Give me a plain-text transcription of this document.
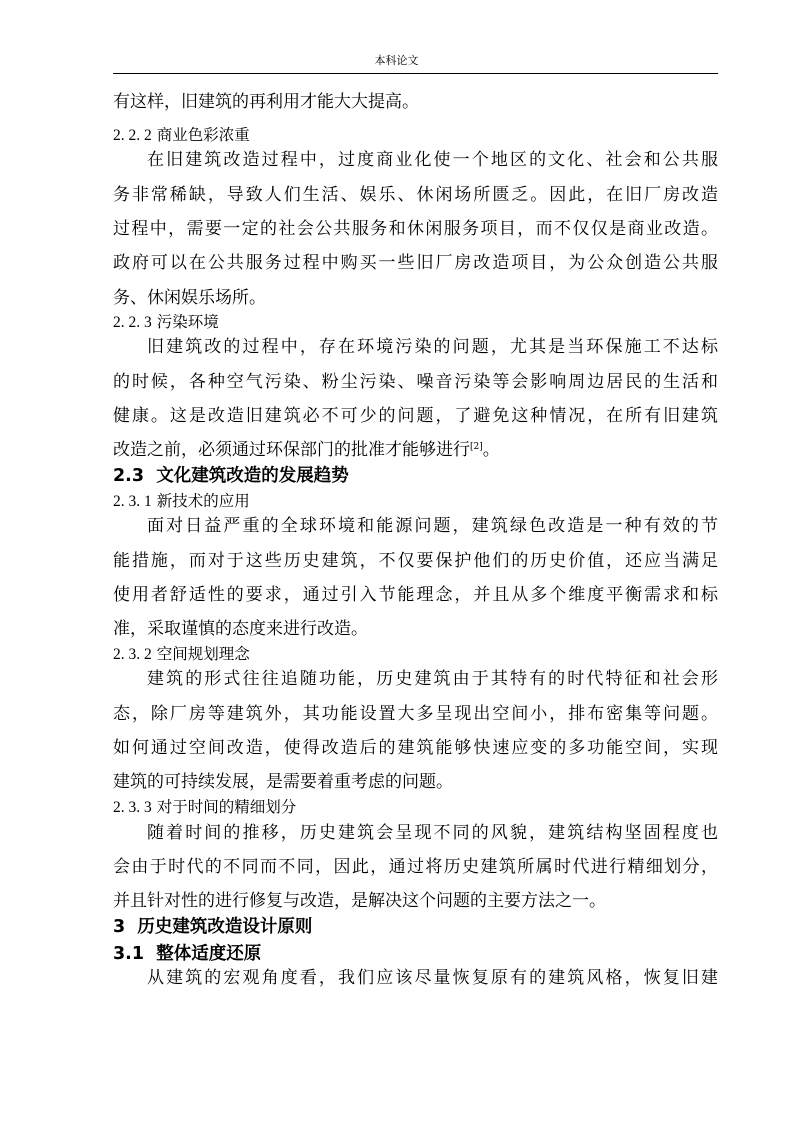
本科论文
有这样，旧建筑的再利用才能大大提高。
2. 2. 2 商业色彩浓重
在旧建筑改造过程中，过度商业化使一个地区的文化、社会和公共服
务非常稀缺，导致人们生活、娱乐、休闲场所匮乏。因此，在旧厂房改造
过程中，需要一定的社会公共服务和休闲服务项目，而不仅仅是商业改造。
政府可以在公共服务过程中购买一些旧厂房改造项目，为公众创造公共服
务、休闲娱乐场所。
2. 2. 3 污染环境
旧建筑改的过程中，存在环境污染的问题，尤其是当环保施工不达标
的时候，各种空气污染、粉尘污染、噪音污染等会影响周边居民的生活和
健康。这是改造旧建筑必不可少的问题，了避免这种情况，在所有旧建筑
改造之前，必须通过环保部门的批准才能够进行[2]。
2.3 文化建筑改造的发展趋势
2. 3. 1 新技术的应用
面对日益严重的全球环境和能源问题，建筑绿色改造是一种有效的节
能措施，而对于这些历史建筑，不仅要保护他们的历史价值，还应当满足
使用者舒适性的要求，通过引入节能理念，并且从多个维度平衡需求和标
准，采取谨慎的态度来进行改造。
2. 3. 2 空间规划理念
建筑的形式往往追随功能，历史建筑由于其特有的时代特征和社会形
态，除厂房等建筑外，其功能设置大多呈现出空间小，排布密集等问题。
如何通过空间改造，使得改造后的建筑能够快速应变的多功能空间，实现
建筑的可持续发展，是需要着重考虑的问题。
2. 3. 3 对于时间的精细划分
随着时间的推移，历史建筑会呈现不同的风貌，建筑结构坚固程度也
会由于时代的不同而不同，因此，通过将历史建筑所属时代进行精细划分，
并且针对性的进行修复与改造，是解决这个问题的主要方法之一。
3 历史建筑改造设计原则
3.1 整体适度还原
从建筑的宏观角度看，我们应该尽量恢复原有的建筑风格，恢复旧建
